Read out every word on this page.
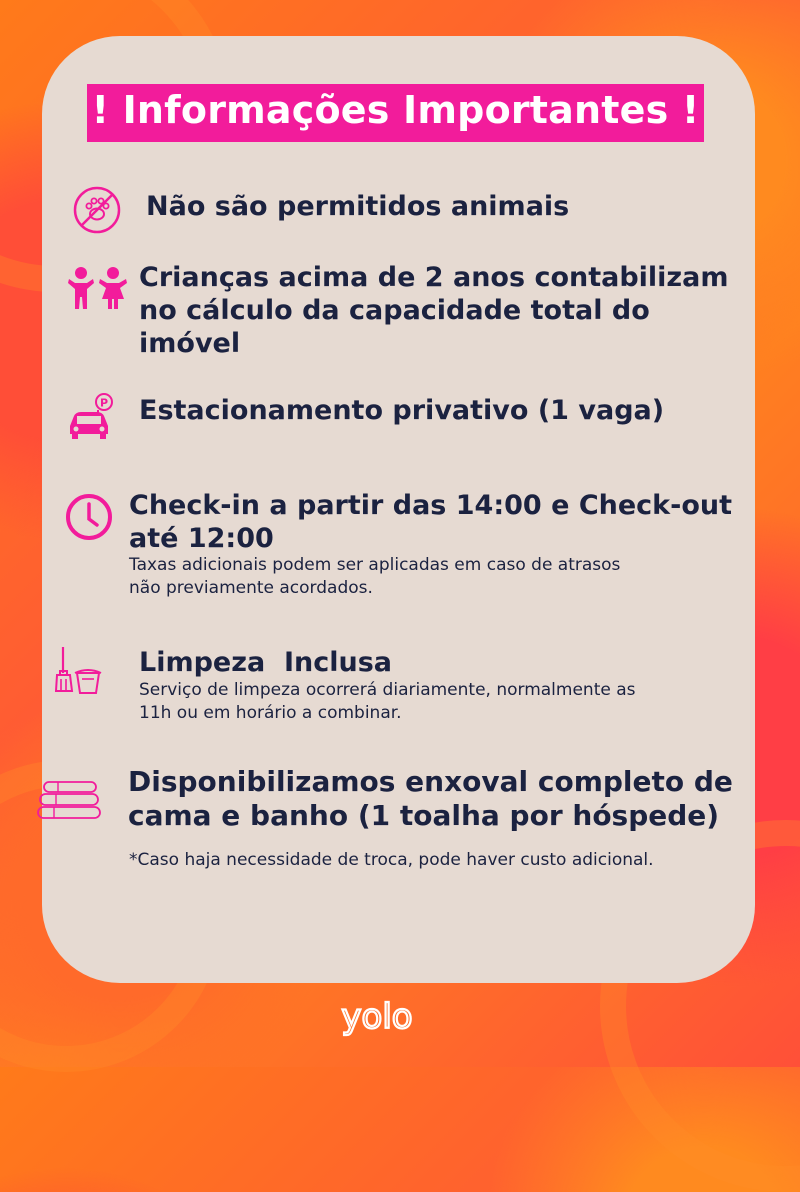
! Informações Importantes !
Não são permitidos animais
Crianças acima de 2 anos contabilizam
no cálculo da capacidade total do
imóvel
P Estacionamento privativo (1 vaga)
Check-in a partir das 14:00 e Check-out
até 12:00
Taxas adicionais podem ser aplicadas em caso de atrasos
não previamente acordados.
Limpeza  Inclusa
Serviço de limpeza ocorrerá diariamente, normalmente as
11h ou em horário a combinar.
Disponibilizamos enxoval completo de
cama e banho (1 toalha por hóspede)
*Caso haja necessidade de troca, pode haver custo adicional.
yolo
